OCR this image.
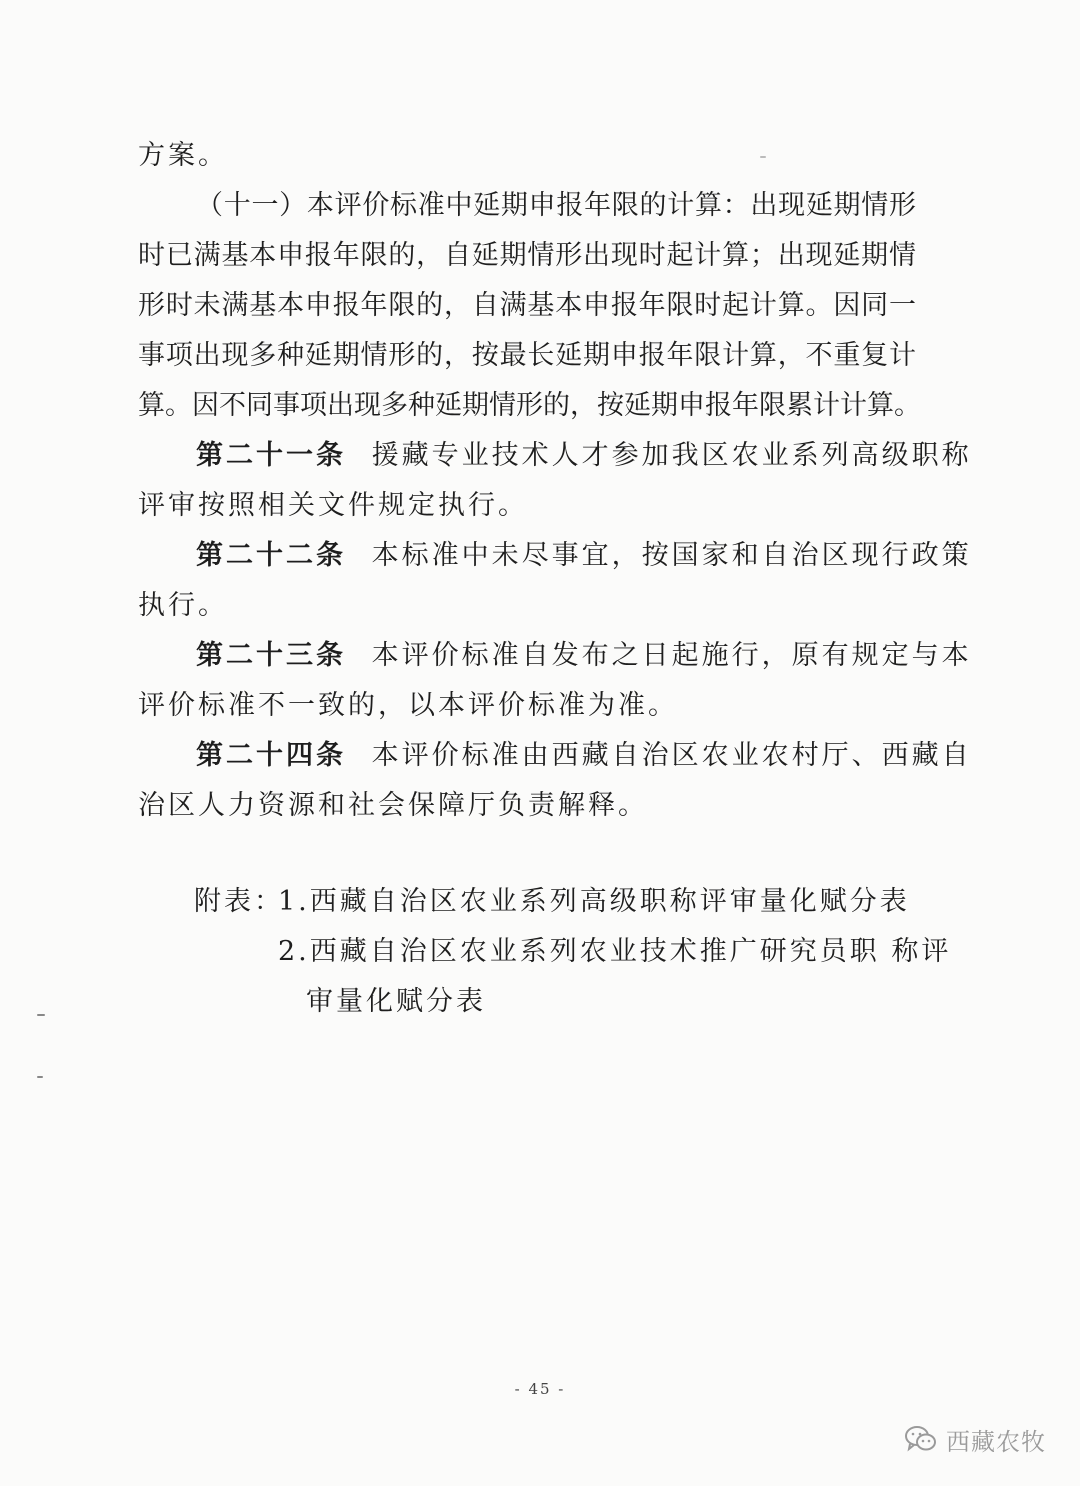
方案。
（十一）本评价标准中延期申报年限的计算：出现延期情形
时已满基本申报年限的，自延期情形出现时起计算；出现延期情
形时未满基本申报年限的，自满基本申报年限时起计算。因同一
事项出现多种延期情形的，按最长延期申报年限计算，不重复计
算。因不同事项出现多种延期情形的，按延期申报年限累计计算。
第二十一条 援藏专业技术人才参加我区农业系列高级职称
评审按照相关文件规定执行。
第二十二条 本标准中未尽事宜，按国家和自治区现行政策
执行。
第二十三条 本评价标准自发布之日起施行，原有规定与本
评价标准不一致的，以本评价标准为准。
第二十四条 本评价标准由西藏自治区农业农村厅、西藏自
治区人力资源和社会保障厅负责解释。
附表：
1.西藏自治区农业系列高级职称评审量化赋分表
2.西藏自治区农业系列农业技术推广研究员职 称评
审量化赋分表
- 45 -
西藏农牧
